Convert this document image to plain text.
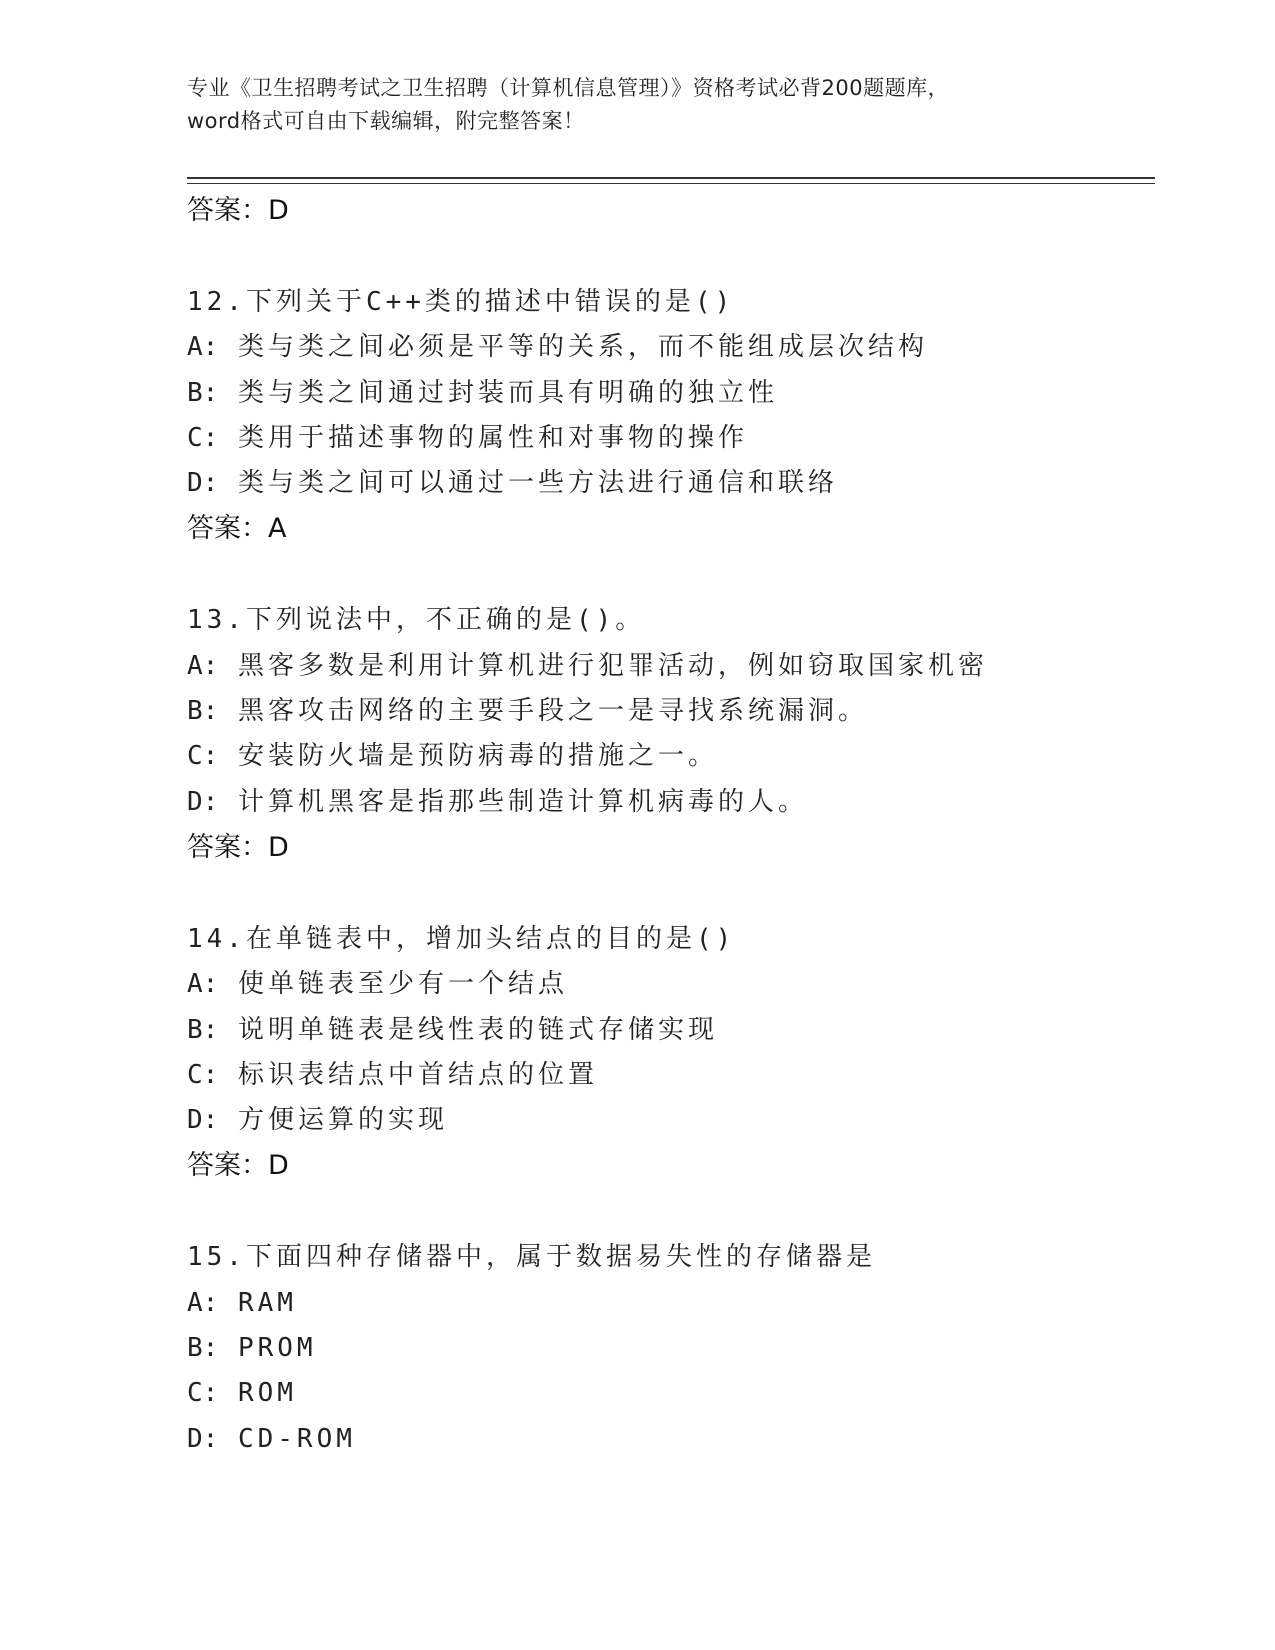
专业《卫生招聘考试之卫生招聘（计算机信息管理）》资格考试必背200题题库，
word格式可自由下载编辑，附完整答案！
答案：D
12.下列关于C++类的描述中错误的是()
A: 类与类之间必须是平等的关系，而不能组成层次结构
B: 类与类之间通过封装而具有明确的独立性
C: 类用于描述事物的属性和对事物的操作
D: 类与类之间可以通过一些方法进行通信和联络
答案：A
13.下列说法中，不正确的是()。
A: 黑客多数是利用计算机进行犯罪活动，例如窃取国家机密
B: 黑客攻击网络的主要手段之一是寻找系统漏洞。
C: 安装防火墙是预防病毒的措施之一。
D: 计算机黑客是指那些制造计算机病毒的人。
答案：D
14.在单链表中，增加头结点的目的是()
A: 使单链表至少有一个结点
B: 说明单链表是线性表的链式存储实现
C: 标识表结点中首结点的位置
D: 方便运算的实现
答案：D
15.下面四种存储器中，属于数据易失性的存储器是
A: RAM
B: PROM
C: ROM
D: CD-ROM
